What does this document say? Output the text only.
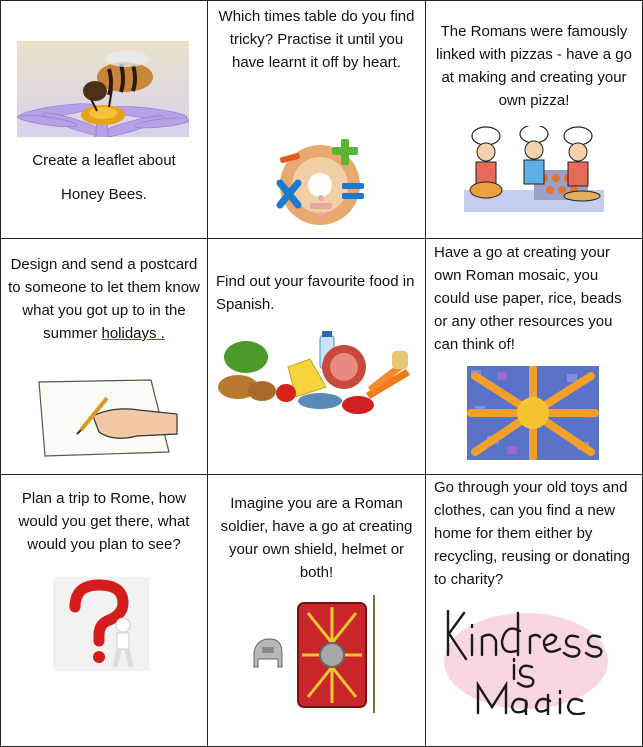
Create a leaflet about
Honey Bees.
Which times table do you find tricky? Practise it until you have learnt it off by heart.
The Romans were famously linked with pizzas - have a go at making and creating your own pizza!
Design and send a postcard to someone to let them know what you got up to in the summer holidays .
Find out your favourite food in Spanish.
Have a go at creating your own Roman mosaic, you could use paper, rice, beads or any other resources you can think of!
Plan a trip to Rome, how would you get there, what would you plan to see?
Imagine you are a Roman soldier, have a go at creating your own shield, helmet or both!
Go through your old toys and clothes, can you find a new home for them either by recycling, reusing or donating to charity?
